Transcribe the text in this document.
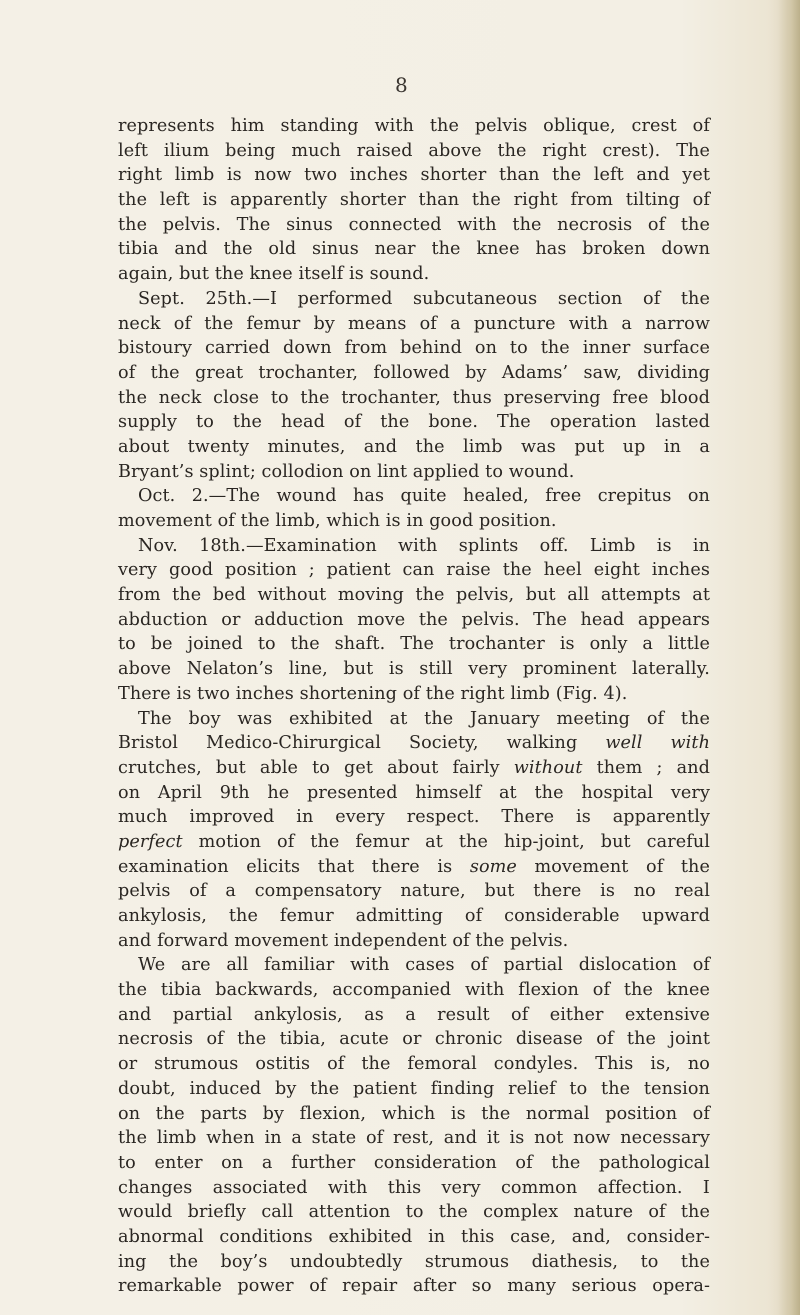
8
represents him standing with the pelvis oblique, crest of
left ilium being much raised above the right crest). The
right limb is now two inches shorter than the left and yet
the left is apparently shorter than the right from tilting of
the pelvis. The sinus connected with the necrosis of the
tibia and the old sinus near the knee has broken down
again, but the knee itself is sound.
Sept. 25th.—I performed subcutaneous section of the
neck of the femur by means of a puncture with a narrow
bistoury carried down from behind on to the inner surface
of the great trochanter, followed by Adams’ saw, dividing
the neck close to the trochanter, thus preserving free blood
supply to the head of the bone. The operation lasted
about twenty minutes, and the limb was put up in a
Bryant’s splint; collodion on lint applied to wound.
Oct. 2.—The wound has quite healed, free crepitus on
movement of the limb, which is in good position.
Nov. 18th.—Examination with splints off. Limb is in
very good position ; patient can raise the heel eight inches
from the bed without moving the pelvis, but all attempts at
abduction or adduction move the pelvis. The head appears
to be joined to the shaft. The trochanter is only a little
above Nelaton’s line, but is still very prominent laterally.
There is two inches shortening of the right limb (Fig. 4).
The boy was exhibited at the January meeting of the
Bristol Medico-Chirurgical Society, walking well with
crutches, but able to get about fairly without them ; and
on April 9th he presented himself at the hospital very
much improved in every respect. There is apparently
perfect motion of the femur at the hip-joint, but careful
examination elicits that there is some movement of the
pelvis of a compensatory nature, but there is no real
ankylosis, the femur admitting of considerable upward
and forward movement independent of the pelvis.
We are all familiar with cases of partial dislocation of
the tibia backwards, accompanied with flexion of the knee
and partial ankylosis, as a result of either extensive
necrosis of the tibia, acute or chronic disease of the joint
or strumous ostitis of the femoral condyles. This is, no
doubt, induced by the patient finding relief to the tension
on the parts by flexion, which is the normal position of
the limb when in a state of rest, and it is not now necessary
to enter on a further consideration of the pathological
changes associated with this very common affection. I
would briefly call attention to the complex nature of the
abnormal conditions exhibited in this case, and, consider-
ing the boy’s undoubtedly strumous diathesis, to the
remarkable power of repair after so many serious opera-
